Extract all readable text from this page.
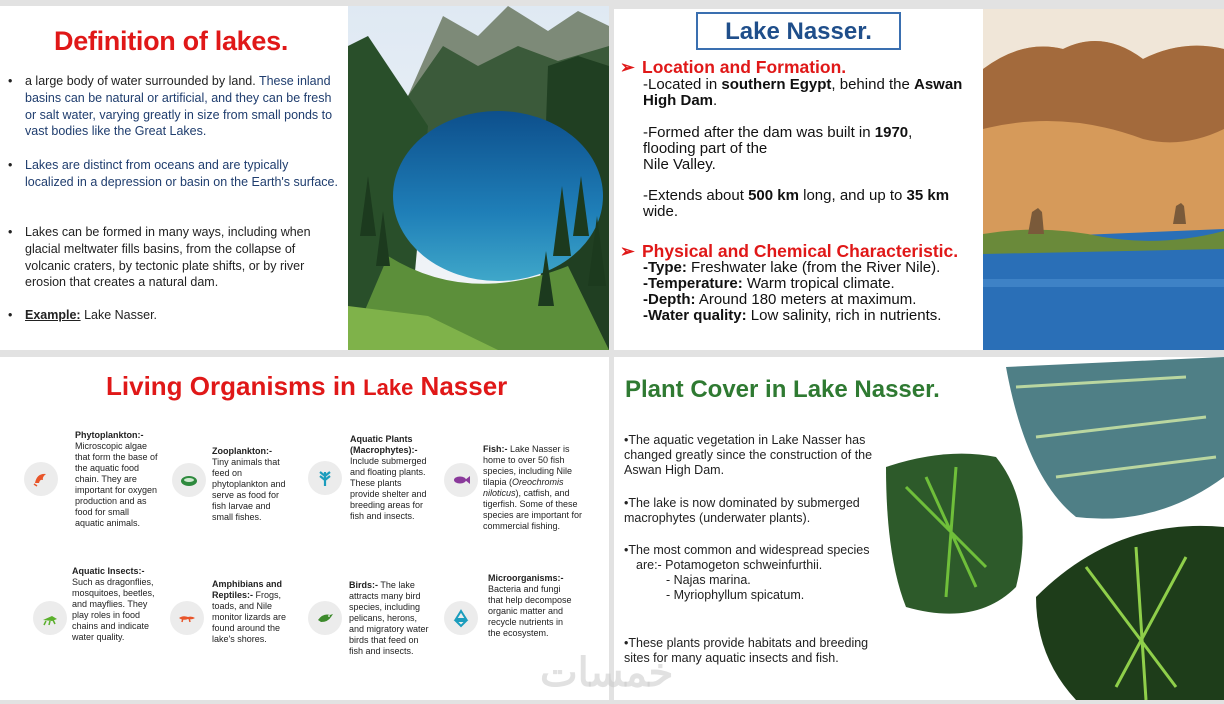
Definition of lakes.
• a large body of water surrounded by land. These inland basins can be natural or artificial, and they can be fresh or salt water, varying greatly in size from small ponds to vast bodies like the Great Lakes.
• Lakes are distinct from oceans and are typically localized in a depression or basin on the Earth's surface.
• Lakes can be formed in many ways, including when glacial meltwater fills basins, from the collapse of volcanic craters, by tectonic plate shifts, or by river erosion that creates a natural dam.
• Example: Lake Nasser.
Lake Nasser.
➢ Location and Formation.
-Located in southern Egypt, behind the Aswan High Dam.
-Formed after the dam was built in 1970, flooding part of the
Nile Valley.
-Extends about 500 km long, and up to 35 km
wide.
➢ Physical and Chemical Characteristic.
-Type: Freshwater lake (from the River Nile).
-Temperature: Warm tropical climate.
-Depth: Around 180 meters at maximum.
-Water quality: Low salinity, rich in nutrients.
Living Organisms in Lake Nasser
Phytoplankton:-
Microscopic algae that form the base of the aquatic food chain. They are important for oxygen production and as food for small aquatic animals.
Zooplankton:-
Tiny animals that feed on phytoplankton and serve as food for fish larvae and small fishes.
Aquatic Plants (Macrophytes):-
Include submerged and floating plants. These plants provide shelter and breeding areas for fish and insects.
Fish:- Lake Nasser is home to over 50 fish species, including Nile tilapia (Oreochromis niloticus), catfish, and tigerfish. Some of these species are important for commercial fishing.
Aquatic Insects:-
Such as dragonflies, mosquitoes, beetles, and mayflies. They play roles in food chains and indicate water quality.
Amphibians and Reptiles:- Frogs, toads, and Nile monitor lizards are found around the lake's shores.
Birds:- The lake attracts many bird species, including pelicans, herons, and migratory water birds that feed on fish and insects.
Microorganisms:-
Bacteria and fungi that help decompose organic matter and recycle nutrients in the ecosystem.
Plant Cover in Lake Nasser.
•The aquatic vegetation in Lake Nasser has changed greatly since the construction of the Aswan High Dam.
•The lake is now dominated by submerged macrophytes (underwater plants).
•The most common and widespread species
are:- Potamogeton schweinfurthii.
- Najas marina.
- Myriophyllum spicatum.
•These plants provide habitats and breeding sites for many aquatic insects and fish.
خمسات
